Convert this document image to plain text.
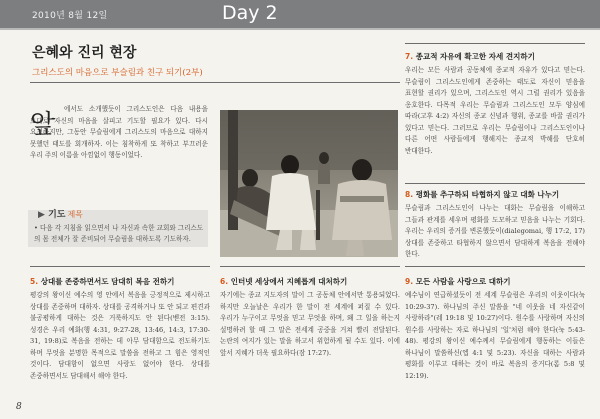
2010년 8월 12일	Day 2
은혜와 진리 현장
그리스도의 마음으로 부슬림과 친구 되기(2부)
앞
에서도 소개했듯이 그리스도인은 다음 내용을 토대로 자신의 마음을 살피고 기도할 필요가 있다. 다시 요청하지만, 그동안 무슬림에게 그리스도의 마음으로 대하지 못했던 태도를 회개하자. 이는 침착하게 또 착하고 부끄러운 우리 주의 이름을 아낌없이 행동이었다.
▶ 기도 제목
• 다음 각 지침을 읽으면서 나 자신과 속한 교회와 그리스도의 몸 전체가 잘 준비되어 무슬림을 대하도록 기도하자.
5. 상대를 존중하면서도 담대히 복음 전하기
평강의 왕이신 예수의 영 안에서 복음을 긍정적으로 제시하고 상대를 존중하며 대하자. 상대를 공격하거나 또 안 되고 편견과 불공평하게 대하는 것은 거룩하지도 안 된다(벧전 3:15). 성경은 우리 예화(행 4:31, 9:27-28, 13:46, 14:3, 17:30-31, 19:8)로 복음을 전하는 데 아무 담대함으로 전도하기도 하며 무엇을 분명한 목적으로 말씀을 전하고 그 힘은 영적인 것이다. 담대함이 없으면 사랑도 없어야 한다. 상대를 존중하면서도 담대해서 해야 한다.
6. 인터넷 세상에서 지혜롭게 대처하기
자기에는 종교 지도자의 말이 그 공동체 안에서만 통용되었다. 하지만 오늘날은 우리가 한 말이 전 세계에 퍼질 수 있다. 우리가 누구이고 무엇을 믿고 무엇을 하며, 왜 그 일을 하는지 설명하려 할 때 그 말은 전세계 공중을 거쳐 빨리 전달된다. 논란의 여지가 있는 말을 하고서 위험하게 될 수도 있다. 이에 앞서 지혜가 더욱 필요하다(잠 17:27).
7. 종교적 자유에 확고한 자세 견지하기
우리는 모든 사람과 공동체에 종교적 자유가 있다고 믿는다. 무슬림이 그리스도인에게 존중하는 태도로 자신이 믿음을 표현할 권리가 있으며, 그리스도인 역시 그럴 권리가 있음을 옹호한다. 다목적 우리는 무슬림과 그리스도인 모두 양심에 따라(고후 4:2) 자신의 종교 신념과 행위, 종교를 바꿀 권리가 있다고 믿는다. 그러므로 우리는 무슬림이나 그리스도인이나 다른 어떤 사람들에게 행해지는 종교적 박해를 단호히 반대한다.
8. 평화를 추구하되 타협하지 않고 대화 나누기
무슬림과 그리스도인이 나누는 대화는 무슬림을 이해하고 그들과 관계를 세우며 평화를 도모하고 믿음을 나누는 기회다. 우리는 우리의 증거를 변론했듯이(dialegomai, 행 17:2, 17) 상대를 존중하고 타협하지 않으면서 담대하게 복음을 전해야 한다.
9. 모든 사람을 사랑으로 대하기
예수님이 연급하셨듯이 전 세계 무슬림은 우리의 이웃이다(눅 10:29-37). 하나님의 주신 말씀을 "네 이웃을 네 자신같이 사랑하라"(레 19:18 및 10:27)이다. 원수를 사랑하며 자신의 원수를 사랑하는 자로 하나님의 '일'처럼 해야 한다(눅 5:43-48). 평강의 왕이신 예수께서 무슬림에게 행동하는 이들은 하나님이 말씀하신(엡 4:1 및 5:23). 자신을 대하는 사람과 평화를 이루고 대하는 것이 바로 복음의 증거다(롬 5:8 및 12:19).
8
